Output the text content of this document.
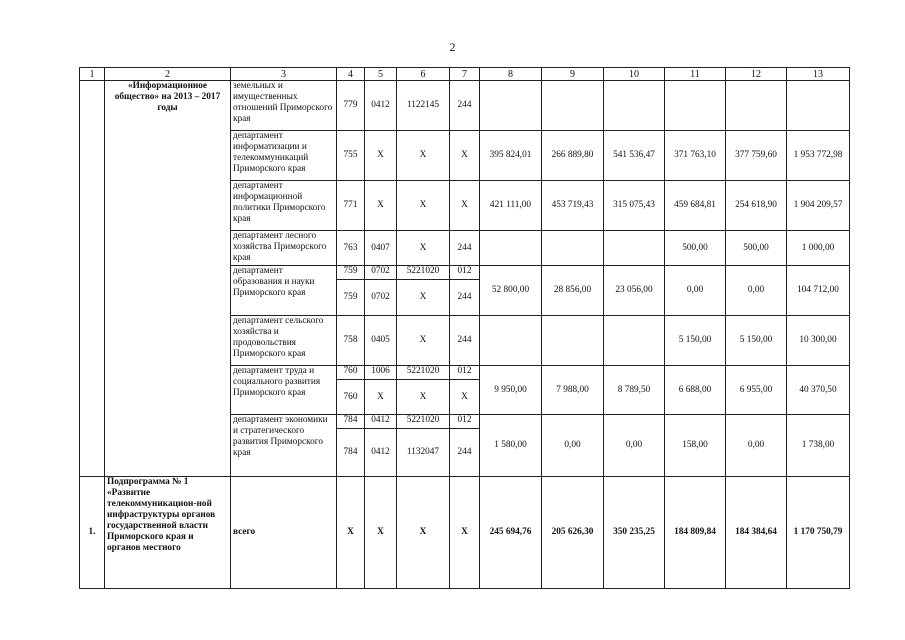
2
1	2	3	4	5	6	7	8	9	10	11	12	13
	«Информационное общество» на 2013 – 2017 годы	земельных и имущественных отношений Приморского края	779	0412	1122145	244						
		департамент информатизации и телекоммуникаций Приморского края	755	Х	Х	Х	395 824,01	266 889,80	541 536,47	371 763,10	377 759,60	1 953 772,98
		департамент информационной политики Приморского края	771	Х	Х	Х	421 111,00	453 719,43	315 075,43	459 684,81	254 618,90	1 904 209,57
		департамент лесного хозяйства Приморского края	763	0407	Х	244				500,00	500,00	1 000,00
		департамент образования и науки Приморского края	759	0702	5221020	012	52 800,00	28 856,00	23 056,00	0,00	0,00	104 712,00
			759	0702	Х	244						
		департамент сельского хозяйства и продовольствия Приморского края	758	0405	Х	244				5 150,00	5 150,00	10 300,00
		департамент труда и социального развития Приморского края	760	1006	5221020	012	9 950,00	7 988,00	8 789,50	6 688,00	6 955,00	40 370,50
			760	Х	Х	Х						
		департамент экономики и стратегического развития Приморского края	784	0412	5221020	012	1 580,00	0,00	0,00	158,00	0,00	1 738,00
			784	0412	1132047	244						
1.	Подпрограмма № 1 «Развитие телекоммуникацион-ной инфраструктуры органов государственной власти Приморского края и органов местного	всего	Х	Х	Х	Х	245 694,76	205 626,30	350 235,25	184 809,84	184 384,64	1 170 750,79
